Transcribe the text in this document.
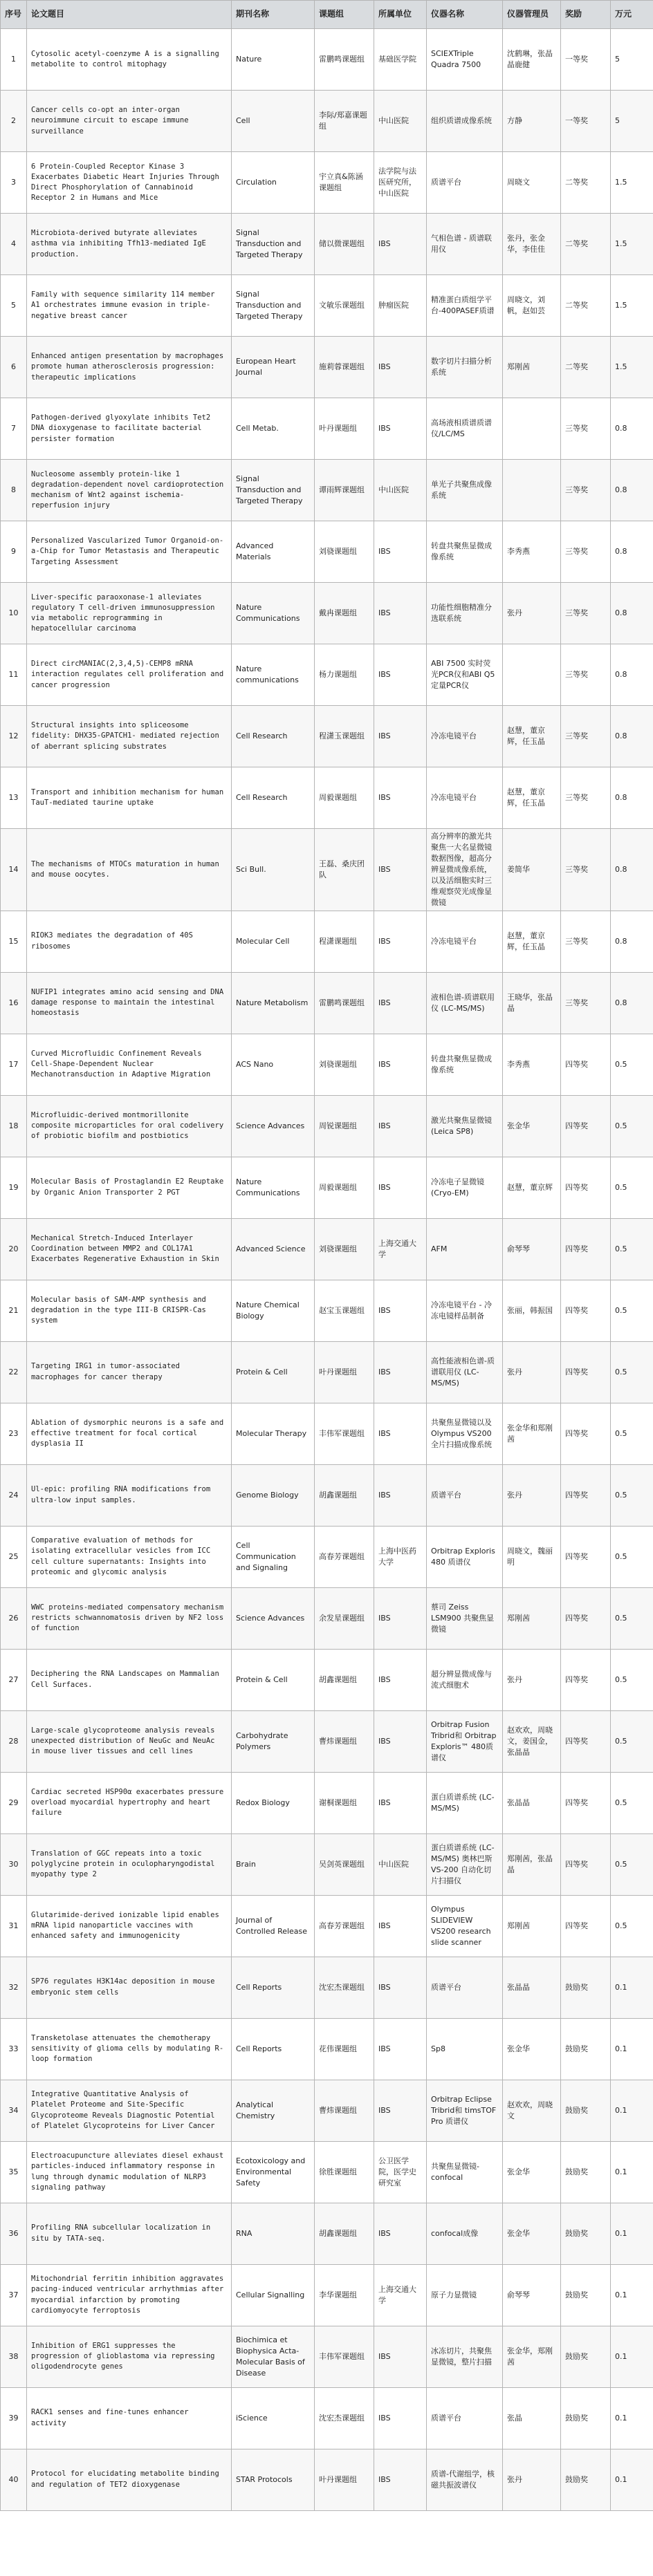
序号	论文题目	期刊名称	课题组	所属单位	仪器名称	仪器管理员	奖励	万元
1	Cytosolic acetyl-coenzyme A is a signalling metabolite to control mitophagy	Nature	雷鹏鸣课题组	基础医学院	SCIEXTriple Quadra 7500	沈鹤琳，张晶晶鹿健	一等奖	5
2	Cancer cells co-opt an inter-organ neuroimmune circuit to escape immune surveillance	Cell	李际/郑嘉课题组	中山医院	组织质谱成像系统	方静	一等奖	5
3	6 Protein-Coupled Receptor Kinase 3 Exacerbates Diabetic Heart Injuries Through Direct Phosphorylation of Cannabinoid Receptor 2 in Humans and Mice	Circulation	宇立真&陈涵课题组	法学院与法医研究所，中山医院	质谱平台	周晓文	二等奖	1.5
4	Microbiota-derived butyrate alleviates asthma via inhibiting Tfh13-mediated IgE production.	Signal Transduction and Targeted Therapy	储以微课题组	IBS	气相色谱 - 质谱联用仪	张丹，张金华，李佳佳	二等奖	1.5
5	Family with sequence similarity 114 member A1 orchestrates immune evasion in triple-negative breast cancer	Signal Transduction and Targeted Therapy	文敏乐课题组	肿瘤医院	精准蛋白质组学平台-400PASEF质谱	周晓文，刘帆，赵如芸	二等奖	1.5
6	Enhanced antigen presentation by macrophages promote human atherosclerosis progression: therapeutic implications	European Heart Journal	施莉蓉课题组	IBS	数字切片扫描分析系统	郑刚茜	二等奖	1.5
7	Pathogen-derived glyoxylate inhibits Tet2 DNA dioxygenase to facilitate bacterial persister formation	Cell Metab.	叶丹课题组	IBS	高场液相质谱质谱仪/LC/MS		三等奖	0.8
8	Nucleosome assembly protein-like 1 degradation-dependent novel cardioprotection mechanism of Wnt2 against ischemia-reperfusion injury	Signal Transduction and Targeted Therapy	谭雨辉课题组	中山医院	单光子共聚焦成像系统		三等奖	0.8
9	Personalized Vascularized Tumor Organoid-on-a-Chip for Tumor Metastasis and Therapeutic Targeting Assessment	Advanced Materials	刘骁课题组	IBS	转盘共聚焦显微成像系统	李秀燕	三等奖	0.8
10	Liver-specific paraoxonase-1 alleviates regulatory T cell-driven immunosuppression via metabolic reprogramming in hepatocellular carcinoma	Nature Communications	戴冉课题组	IBS	功能性细胞精准分选联系统	张丹	三等奖	0.8
11	Direct circMANIAC(2,3,4,5)-CEMP8 mRNA interaction regulates cell proliferation and cancer progression	Nature communications	杨力课题组	IBS	ABI 7500 实时荧光PCR仪和ABI Q5 定量PCR仪		三等奖	0.8
12	Structural insights into spliceosome fidelity: DHX35-GPATCH1- mediated rejection of aberrant splicing substrates	Cell Research	程潇玉课题组	IBS	冷冻电镜平台	赵慧，董京辉，任玉晶	三等奖	0.8
13	Transport and inhibition mechanism for human TauT-mediated taurine uptake	Cell Research	周毅课题组	IBS	冷冻电镜平台	赵慧，董京辉，任玉晶	三等奖	0.8
14	The mechanisms of MTOCs maturation in human and mouse oocytes.	Sci Bull.	王磊、桑庆团队	IBS	高分辨率的激光共聚焦一大名显微镜数据图像，超高分辨显微成像系统，以及活细胞实时三维观察荧光成像显微镜	姜简华	三等奖	0.8
15	RIOK3 mediates the degradation of 40S ribosomes	Molecular Cell	程潇课题组	IBS	冷冻电镜平台	赵慧，董京辉，任玉晶	三等奖	0.8
16	NUFIP1 integrates amino acid sensing and DNA damage response to maintain the intestinal homeostasis	Nature Metabolism	雷鹏鸣课题组	IBS	液相色谱-质谱联用仪 (LC-MS/MS)	王晓华，张晶晶	三等奖	0.8
17	Curved Microfluidic Confinement Reveals Cell-Shape-Dependent Nuclear Mechanotransduction in Adaptive Migration	ACS Nano	刘骁课题组	IBS	转盘共聚焦显微成像系统	李秀燕	四等奖	0.5
18	Microfluidic-derived montmorillonite composite microparticles for oral codelivery of probiotic biofilm and postbiotics	Science Advances	周锐课题组	IBS	激光共聚焦显微镜 (Leica SP8)	张金华	四等奖	0.5
19	Molecular Basis of Prostaglandin E2 Reuptake by Organic Anion Transporter 2 PGT	Nature Communications	周毅课题组	IBS	冷冻电子显微镜 (Cryo-EM)	赵慧，董京辉	四等奖	0.5
20	Mechanical Stretch-Induced Interlayer Coordination between MMP2 and COL17A1 Exacerbates Regenerative Exhaustion in Skin	Advanced Science	刘骁课题组	上海交通大学	AFM	俞琴琴	四等奖	0.5
21	Molecular basis of SAM-AMP synthesis and degradation in the type III-B CRISPR-Cas system	Nature Chemical Biology	赵宝玉课题组	IBS	冷冻电镜平台 - 冷冻电镜样品制备	张丽，韩振国	四等奖	0.5
22	Targeting IRG1 in tumor-associated macrophages for cancer therapy	Protein & Cell	叶丹课题组	IBS	高性能液相色谱-质谱联用仪 (LC-MS/MS)	张丹	四等奖	0.5
23	Ablation of dysmorphic neurons is a safe and effective treatment for focal cortical dysplasia II	Molecular Therapy	丰伟军课题组	IBS	共聚焦显微镜以及 Olympus VS200 全片扫描成像系统	张金华和郑刚茜	四等奖	0.5
24	Ul-epic: profiling RNA modifications from ultra-low input samples.	Genome Biology	胡鑫课题组	IBS	质谱平台	张丹	四等奖	0.5
25	Comparative evaluation of methods for isolating extracellular vesicles from ICC cell culture supernatants: Insights into proteomic and glycomic analysis	Cell Communication and Signaling	高春芳课题组	上海中医药大学	Orbitrap Exploris 480 质谱仪	周晓文，魏丽明	四等奖	0.5
26	WWC proteins-mediated compensatory mechanism restricts schwannomatosis driven by NF2 loss of function	Science Advances	余发星课题组	IBS	蔡司 Zeiss LSM900 共聚焦显微镜	郑刚茜	四等奖	0.5
27	Deciphering the RNA Landscapes on Mammalian Cell Surfaces.	Protein & Cell	胡鑫课题组	IBS	超分辨显微成像与流式细胞术	张丹	四等奖	0.5
28	Large-scale glycoproteome analysis reveals unexpected distribution of NeuGc and NeuAc in mouse liver tissues and cell lines	Carbohydrate Polymers	曹炜课题组	IBS	Orbitrap Fusion Tribrid和 Orbitrap Exploris™ 480质谱仪	赵欢欢，周晓文，姜国金，张晶晶	四等奖	0.5
29	Cardiac secreted HSP90α exacerbates pressure overload myocardial hypertrophy and heart failure	Redox Biology	谢桐课题组	IBS	蛋白质谱系统 (LC-MS/MS)	张晶晶	四等奖	0.5
30	Translation of GGC repeats into a toxic polyglycine protein in oculopharyngodistal myopathy type 2	Brain	吴剑英课题组	中山医院	蛋白质谱系统 (LC-MS/MS) 奥林巴斯VS-200 自动化切片扫描仪	郑刚茜，张晶晶	四等奖	0.5
31	Glutarimide-derived ionizable lipid enables mRNA lipid nanoparticle vaccines with enhanced safety and immunogenicity	Journal of Controlled Release	高春芳课题组	IBS	Olympus SLIDEVIEW VS200 research slide scanner	郑刚茜	四等奖	0.5
32	SP76 regulates H3K14ac deposition in mouse embryonic stem cells	Cell Reports	沈宏杰课题组	IBS	质谱平台	张晶晶	鼓励奖	0.1
33	Transketolase attenuates the chemotherapy sensitivity of glioma cells by modulating R-loop formation	Cell Reports	花伟课题组	IBS	Sp8	张金华	鼓励奖	0.1
34	Integrative Quantitative Analysis of Platelet Proteome and Site-Specific Glycoproteome Reveals Diagnostic Potential of Platelet Glycoproteins for Liver Cancer	Analytical Chemistry	曹炜课题组	IBS	Orbitrap Eclipse Tribrid和 timsTOF Pro 质谱仪	赵欢欢，周晓文	鼓励奖	0.1
35	Electroacupuncture alleviates diesel exhaust particles-induced inflammatory response in lung through dynamic modulation of NLRP3 signaling pathway	Ecotoxicology and Environmental Safety	徐胜课题组	公卫医学院，医学史研究室	共聚焦显微镜-confocal	张金华	鼓励奖	0.1
36	Profiling RNA subcellular localization in situ by TATA-seq.	RNA	胡鑫课题组	IBS	confocal成像	张金华	鼓励奖	0.1
37	Mitochondrial ferritin inhibition aggravates pacing-induced ventricular arrhythmias after myocardial infarction by promoting cardiomyocyte ferroptosis	Cellular Signalling	李华课题组	上海交通大学	原子力显微镜	俞琴琴	鼓励奖	0.1
38	Inhibition of ERG1 suppresses the progression of glioblastoma via repressing oligodendrocyte genes	Biochimica et Biophysica Acta-Molecular Basis of Disease	丰伟军课题组	IBS	冰冻切片，共聚焦显微镜，整片扫描	张金华，郑刚茜	鼓励奖	0.1
39	RACK1 senses and fine-tunes enhancer activity	iScience	沈宏杰课题组	IBS	质谱平台	张晶	鼓励奖	0.1
40	Protocol for elucidating metabolite binding and regulation of TET2 dioxygenase	STAR Protocols	叶丹课题组	IBS	质谱-代谢组学，核磁共振波谱仪	张丹	鼓励奖	0.1
